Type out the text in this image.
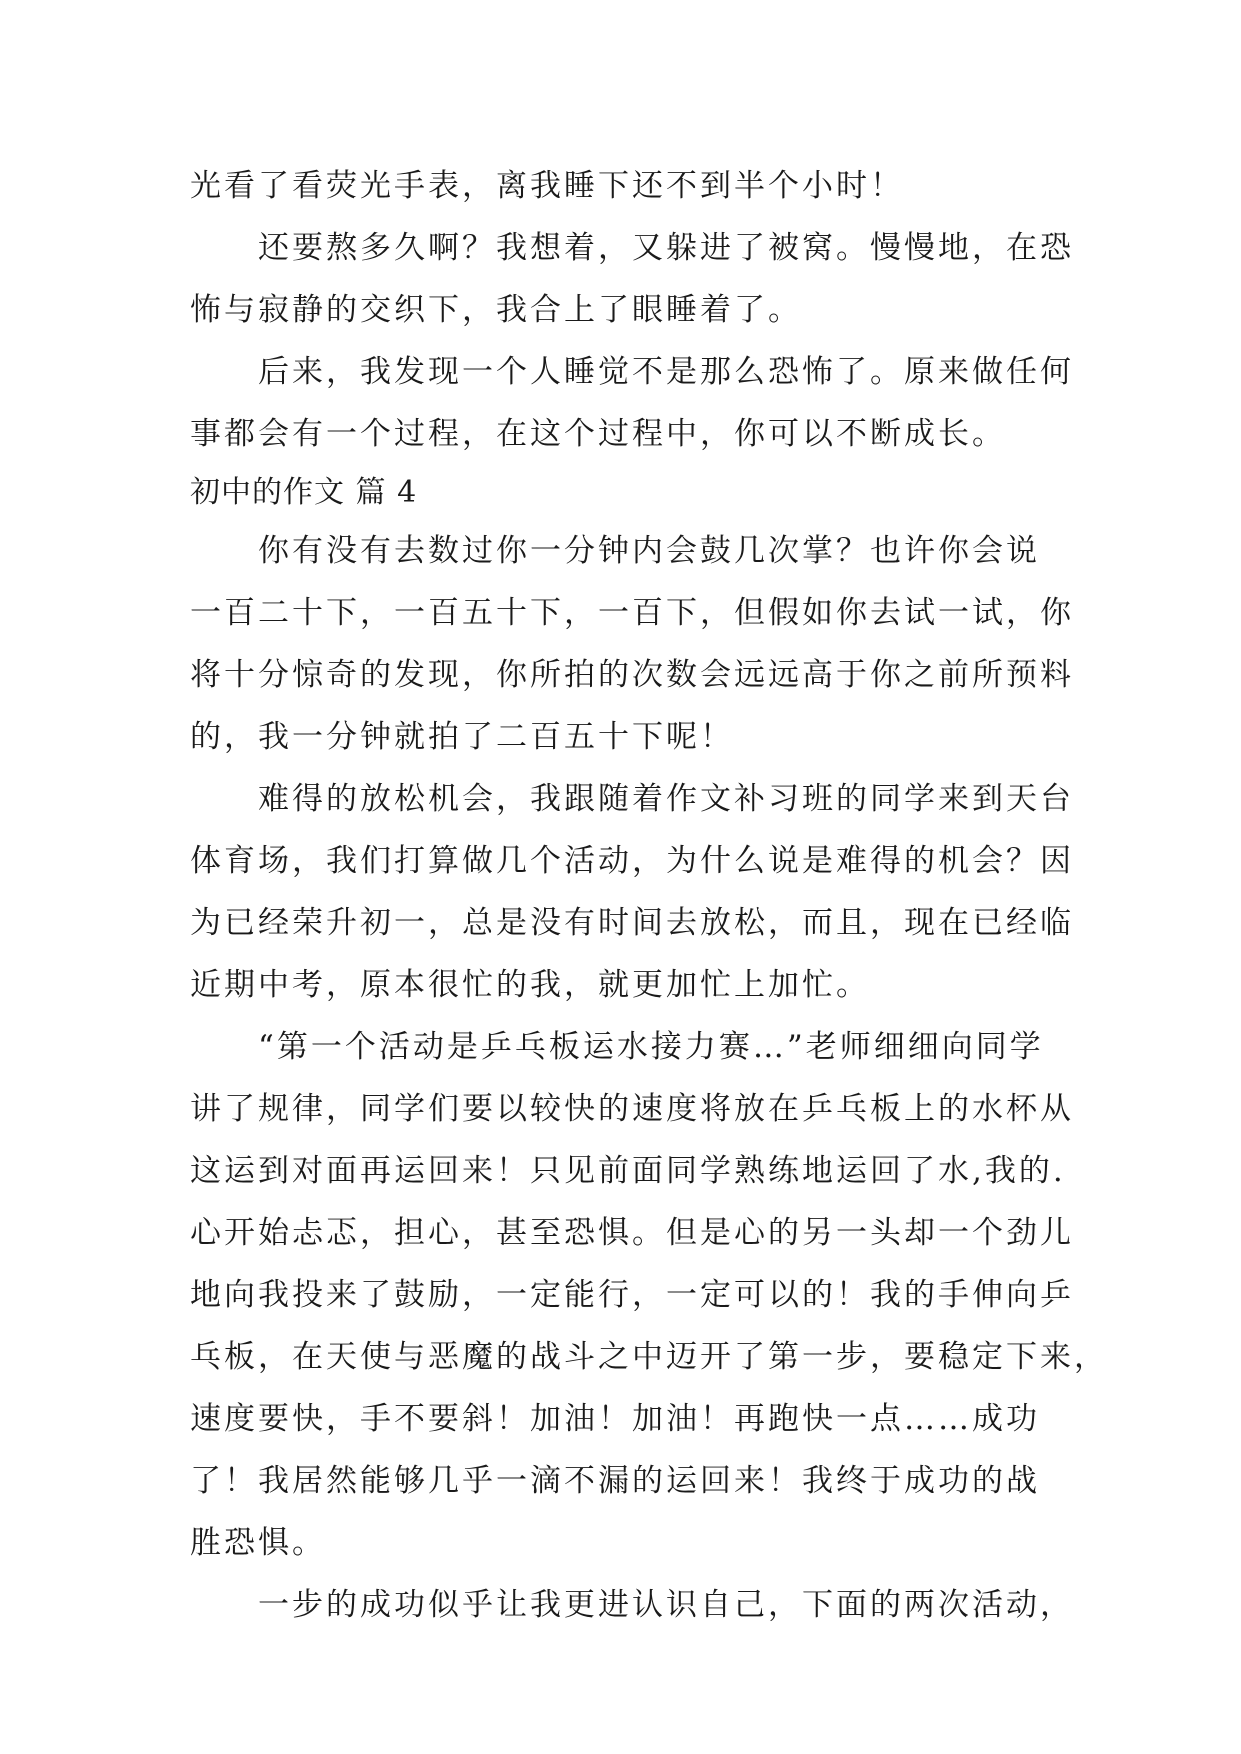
光看了看荧光手表，离我睡下还不到半个小时！
还要熬多久啊？我想着，又躲进了被窝。慢慢地，在恐
怖与寂静的交织下，我合上了眼睡着了。
后来，我发现一个人睡觉不是那么恐怖了。原来做任何
事都会有一个过程，在这个过程中，你可以不断成长。
初中的作文 篇 4
你有没有去数过你一分钟内会鼓几次掌？也许你会说
一百二十下，一百五十下，一百下，但假如你去试一试，你
将十分惊奇的发现，你所拍的次数会远远高于你之前所预料
的，我一分钟就拍了二百五十下呢！
难得的放松机会，我跟随着作文补习班的同学来到天台
体育场，我们打算做几个活动，为什么说是难得的机会？因
为已经荣升初一，总是没有时间去放松，而且，现在已经临
近期中考，原本很忙的我，就更加忙上加忙。
“第一个活动是乒乓板运水接力赛…”老师细细向同学
讲了规律，同学们要以较快的速度将放在乒乓板上的水杯从
这运到对面再运回来！只见前面同学熟练地运回了水,我的.
心开始忐忑，担心，甚至恐惧。但是心的另一头却一个劲儿
地向我投来了鼓励，一定能行，一定可以的！我的手伸向乒
乓板，在天使与恶魔的战斗之中迈开了第一步，要稳定下来，
速度要快，手不要斜！加油！加油！再跑快一点……成功
了！我居然能够几乎一滴不漏的运回来！我终于成功的战
胜恐惧。
一步的成功似乎让我更进认识自己，下面的两次活动，
